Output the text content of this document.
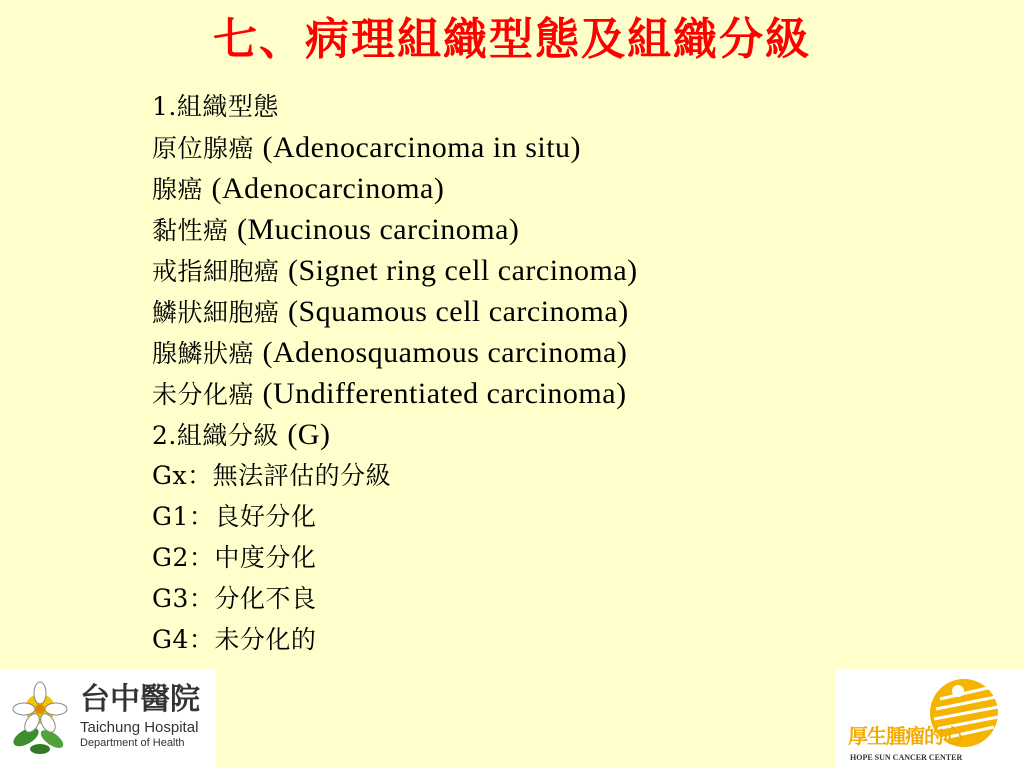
七、病理組織型態及組織分級
1.組織型態
原位腺癌 (Adenocarcinoma in situ)
腺癌 (Adenocarcinoma)
黏性癌 (Mucinous carcinoma)
戒指細胞癌 (Signet ring cell carcinoma)
鱗狀細胞癌 (Squamous cell carcinoma)
腺鱗狀癌 (Adenosquamous carcinoma)
未分化癌 (Undifferentiated carcinoma)
2.組織分級 (G)
Gx：無法評估的分級
G1：良好分化
G2：中度分化
G3：分化不良
G4：未分化的
台中醫院
Taichung Hospital
Department of Health	厚生腫瘤的心
HOPE SUN CANCER CENTER
